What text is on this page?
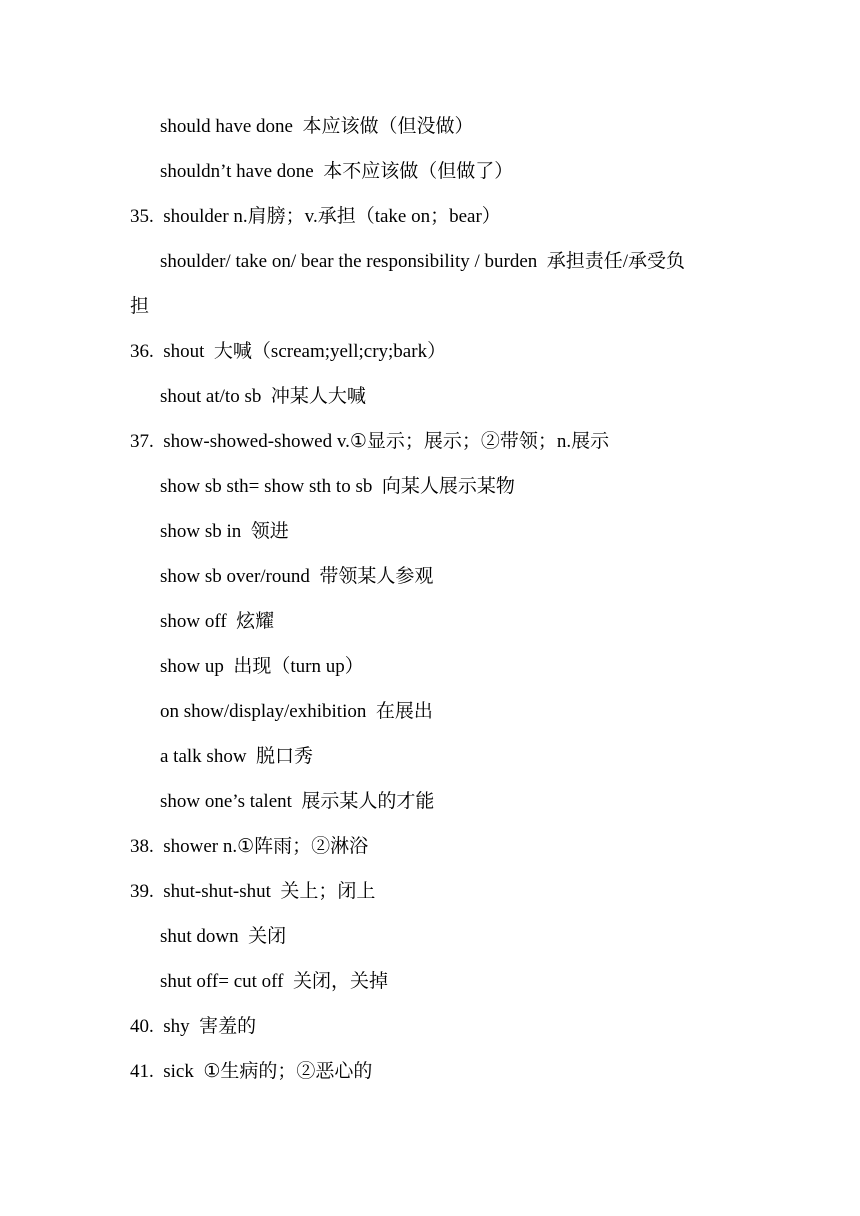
should have done  本应该做（但没做）
shouldn’t have done  本不应该做（但做了）
35.  shoulder n.肩膀；v.承担（take on；bear）
shoulder/ take on/ bear the responsibility / burden  承担责任/承受负
担
36.  shout  大喊（scream;yell;cry;bark）
shout at/to sb  冲某人大喊
37.  show-showed-showed v.①显示；展示；②带领；n.展示
show sb sth= show sth to sb  向某人展示某物
show sb in  领进
show sb over/round  带领某人参观
show off  炫耀
show up  出现（turn up）
on show/display/exhibition  在展出
a talk show  脱口秀
show one’s talent  展示某人的才能
38.  shower n.①阵雨；②淋浴
39.  shut-shut-shut  关上；闭上
shut down  关闭
shut off= cut off  关闭，关掉
40.  shy  害羞的
41.  sick  ①生病的；②恶心的
